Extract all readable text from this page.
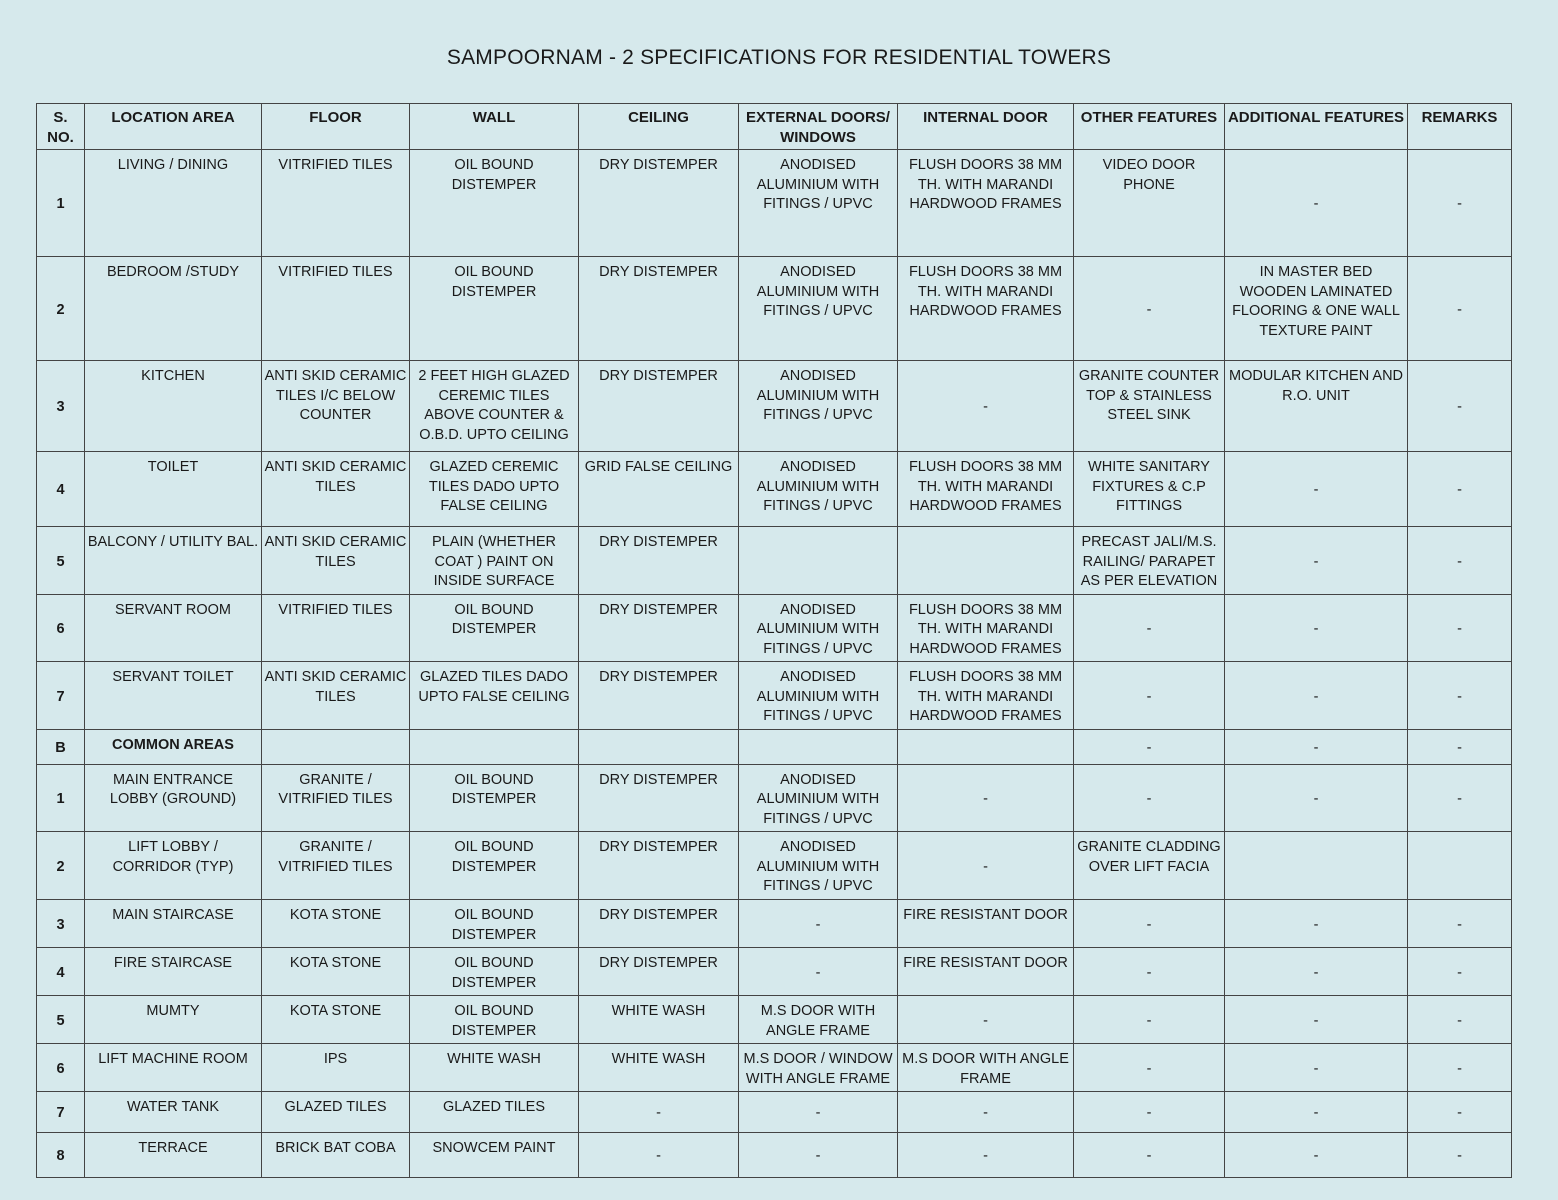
SAMPOORNAM - 2 SPECIFICATIONS FOR RESIDENTIAL TOWERS
S. NO.	LOCATION AREA	FLOOR	WALL	CEILING	EXTERNAL DOORS/ WINDOWS	INTERNAL DOOR	OTHER FEATURES	ADDITIONAL FEATURES	REMARKS
1	LIVING / DINING	VITRIFIED TILES	OIL BOUND DISTEMPER	DRY DISTEMPER	ANODISED ALUMINIUM WITH FITINGS / UPVC	FLUSH DOORS 38 MM TH. WITH MARANDI HARDWOOD FRAMES	VIDEO DOOR PHONE	-	-
2	BEDROOM /STUDY	VITRIFIED TILES	OIL BOUND DISTEMPER	DRY DISTEMPER	ANODISED ALUMINIUM WITH FITINGS / UPVC	FLUSH DOORS 38 MM TH. WITH MARANDI HARDWOOD FRAMES	-	IN MASTER BED WOODEN LAMINATED FLOORING & ONE WALL TEXTURE PAINT	-
3	KITCHEN	ANTI SKID CERAMIC TILES I/C BELOW COUNTER	2 FEET HIGH GLAZED CEREMIC TILES ABOVE COUNTER & O.B.D. UPTO CEILING	DRY DISTEMPER	ANODISED ALUMINIUM WITH FITINGS / UPVC	-	GRANITE COUNTER TOP & STAINLESS STEEL SINK	MODULAR KITCHEN AND R.O. UNIT	-
4	TOILET	ANTI SKID CERAMIC TILES	GLAZED CEREMIC TILES DADO UPTO FALSE CEILING	GRID FALSE CEILING	ANODISED ALUMINIUM WITH FITINGS / UPVC	FLUSH DOORS 38 MM TH. WITH MARANDI HARDWOOD FRAMES	WHITE SANITARY FIXTURES & C.P FITTINGS	-	-
5	BALCONY / UTILITY BAL.	ANTI SKID CERAMIC TILES	PLAIN (WHETHER COAT ) PAINT ON INSIDE SURFACE	DRY DISTEMPER			PRECAST JALI/M.S. RAILING/ PARAPET AS PER ELEVATION	-	-
6	SERVANT ROOM	VITRIFIED TILES	OIL BOUND DISTEMPER	DRY DISTEMPER	ANODISED ALUMINIUM WITH FITINGS / UPVC	FLUSH DOORS 38 MM TH. WITH MARANDI HARDWOOD FRAMES	-	-	-
7	SERVANT TOILET	ANTI SKID CERAMIC TILES	GLAZED TILES DADO UPTO FALSE CEILING	DRY DISTEMPER	ANODISED ALUMINIUM WITH FITINGS / UPVC	FLUSH DOORS 38 MM TH. WITH MARANDI HARDWOOD FRAMES	-	-	-
B	COMMON AREAS						-	-	-
1	MAIN ENTRANCE LOBBY (GROUND)	GRANITE / VITRIFIED TILES	OIL BOUND DISTEMPER	DRY DISTEMPER	ANODISED ALUMINIUM WITH FITINGS / UPVC	-	-	-	-
2	LIFT LOBBY / CORRIDOR (TYP)	GRANITE / VITRIFIED TILES	OIL BOUND DISTEMPER	DRY DISTEMPER	ANODISED ALUMINIUM WITH FITINGS / UPVC	-	GRANITE CLADDING OVER LIFT FACIA		
3	MAIN STAIRCASE	KOTA STONE	OIL BOUND DISTEMPER	DRY DISTEMPER	-	FIRE RESISTANT DOOR	-	-	-
4	FIRE STAIRCASE	KOTA STONE	OIL BOUND DISTEMPER	DRY DISTEMPER	-	FIRE RESISTANT DOOR	-	-	-
5	MUMTY	KOTA STONE	OIL BOUND DISTEMPER	WHITE WASH	M.S DOOR WITH ANGLE FRAME	-	-	-	-
6	LIFT MACHINE ROOM	IPS	WHITE WASH	WHITE WASH	M.S DOOR / WINDOW WITH ANGLE FRAME	M.S DOOR WITH ANGLE FRAME	-	-	-
7	WATER TANK	GLAZED TILES	GLAZED TILES	-	-	-	-	-	-
8	TERRACE	BRICK BAT COBA	SNOWCEM PAINT	-	-	-	-	-	-
